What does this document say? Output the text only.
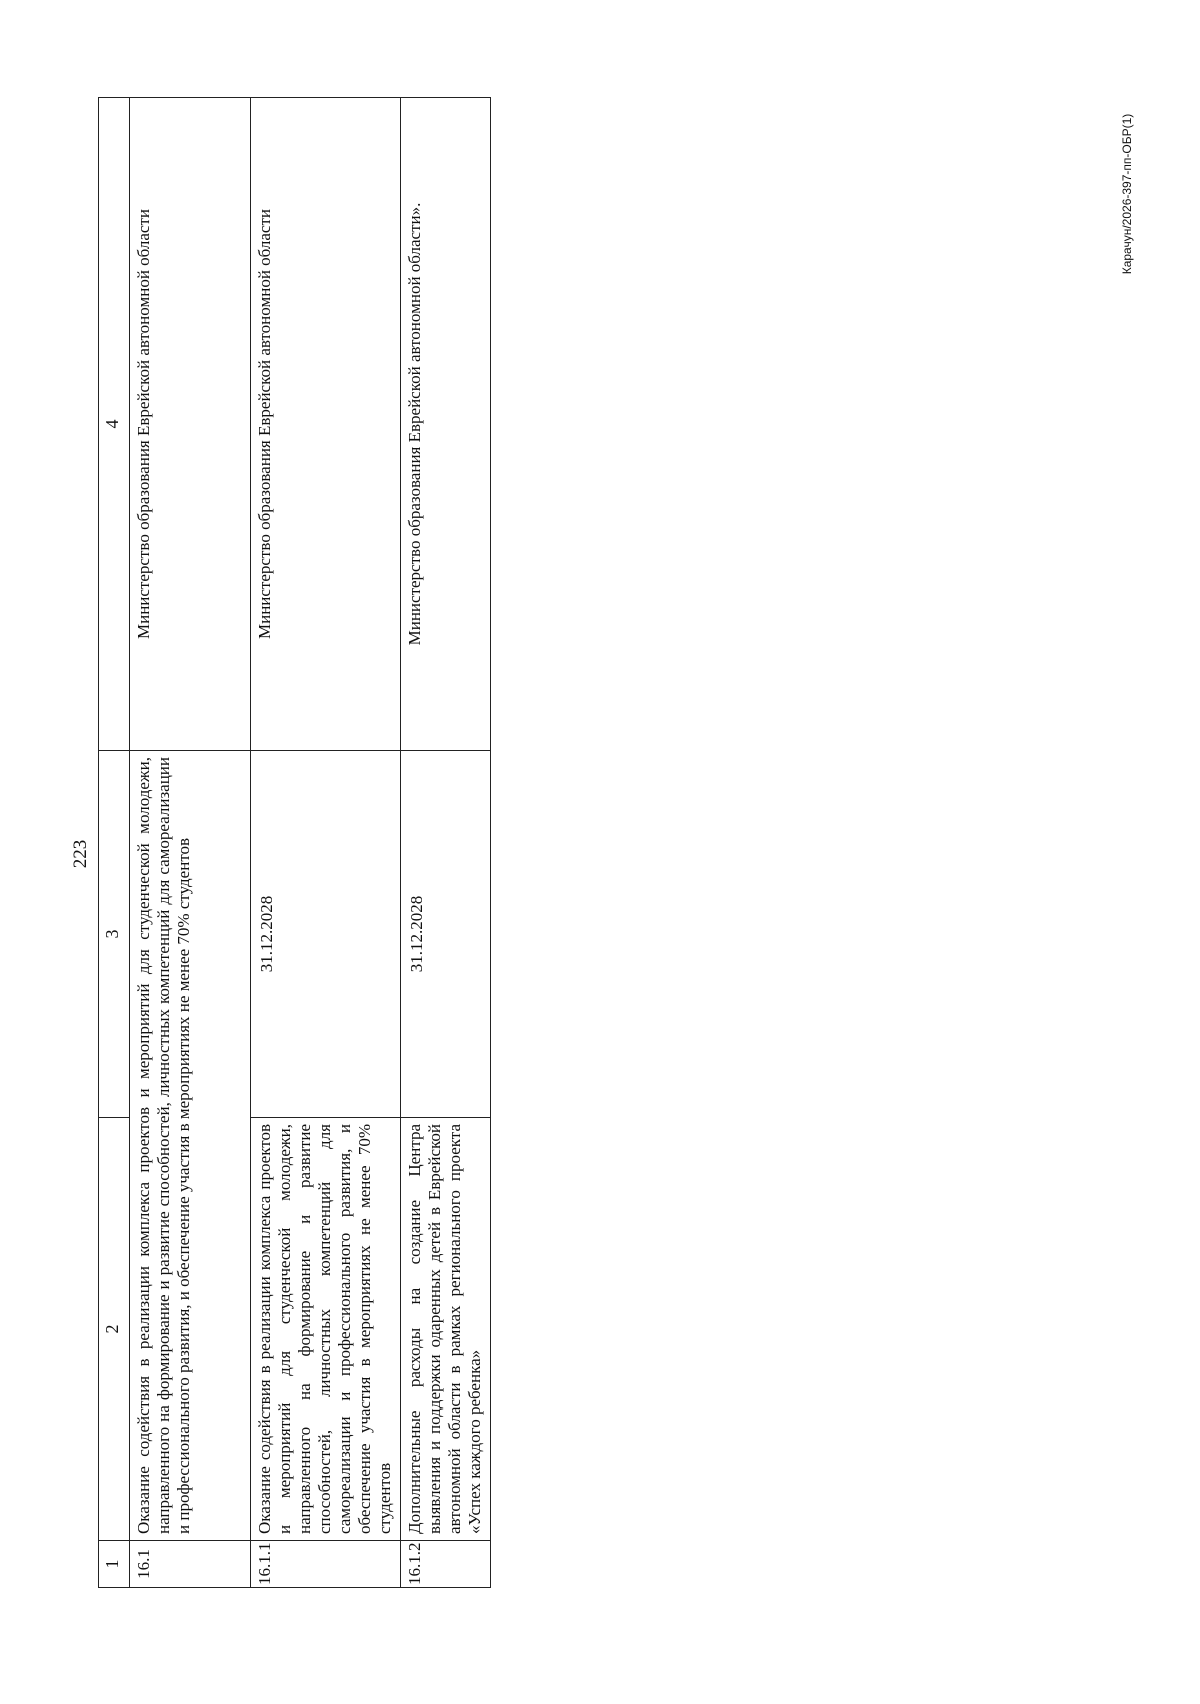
223
1	2	3	4
16.1	Оказание содействия в реализации комплекса проектов и мероприятий для студенческой молодежи, направленного на формирование и развитие способностей, личностных компетенций для самореализации и профессионального развития, и обеспечение участия в мероприятиях не менее 70% студентов		Министерство образования Еврейской автономной области
16.1.1	Оказание содействия в реализации комплекса проектов и мероприятий для студенческой молодежи, направленного на формирование и развитие способностей, личностных компетенций для самореализации и профессионального развития, и обеспечение участия в мероприятиях не менее 70% студентов	31.12.2028	Министерство образования Еврейской автономной области
16.1.2	Дополнительные расходы на создание Центра выявления и поддержки одаренных детей в Еврейской автономной области в рамках регионального проекта «Успех каждого ребенка»	31.12.2028	Министерство образования Еврейской автономной области».
Карачун/2026-397-пп-ОБР(1)
